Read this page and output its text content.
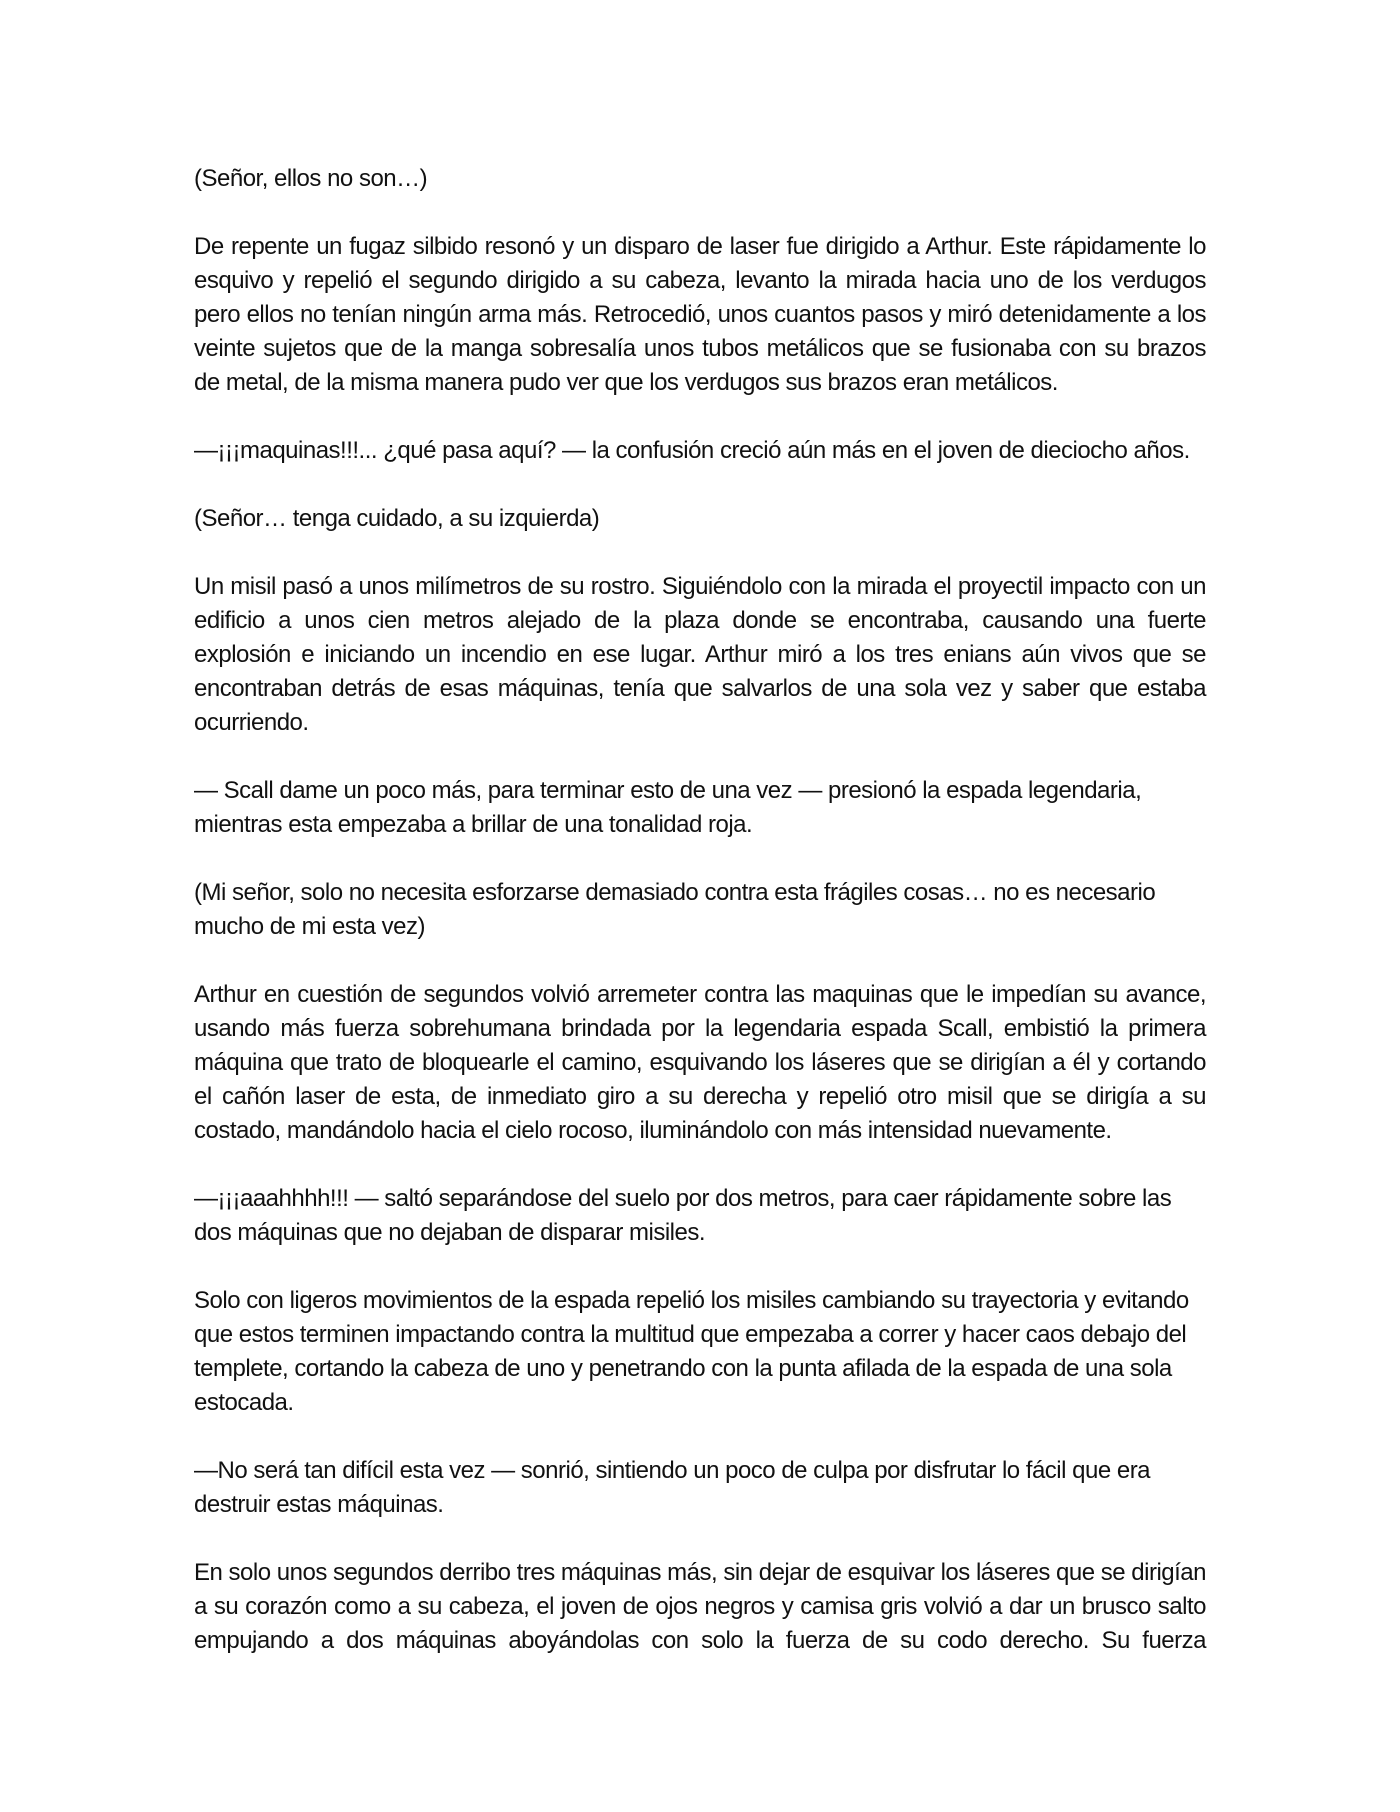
(Señor, ellos no son…)

De repente un fugaz silbido resonó y un disparo de laser fue dirigido a Arthur. Este rápidamente lo esquivo y repelió el segundo dirigido a su cabeza, levanto la mirada hacia uno de los verdugos pero ellos no tenían ningún arma más. Retrocedió, unos cuantos pasos y miró detenidamente a los veinte sujetos que de la manga sobresalía unos tubos metálicos que se fusionaba con su brazos de metal, de la misma manera pudo ver que los verdugos sus brazos eran metálicos.

—¡¡¡maquinas!!!... ¿qué pasa aquí? — la confusión creció aún más en el joven de dieciocho años.

(Señor… tenga cuidado, a su izquierda)

Un misil pasó a unos milímetros de su rostro. Siguiéndolo con la mirada el proyectil impacto con un edificio a unos cien metros alejado de la plaza donde se encontraba, causando una fuerte explosión e iniciando un incendio en ese lugar. Arthur miró a los tres enians aún vivos que se encontraban detrás de esas máquinas, tenía que salvarlos de una sola vez y saber que estaba ocurriendo.

— Scall dame un poco más, para terminar esto de una vez — presionó la espada legendaria, mientras esta empezaba a brillar de una tonalidad roja.

(Mi señor, solo no necesita esforzarse demasiado contra esta frágiles cosas… no es necesario mucho de mi esta vez)

Arthur en cuestión de segundos volvió arremeter contra las maquinas que le impedían su avance, usando más fuerza sobrehumana brindada por la legendaria espada Scall, embistió la primera máquina que trato de bloquearle el camino, esquivando los láseres que se dirigían a él y cortando el cañón laser de esta, de inmediato giro a su derecha y repelió otro misil que se dirigía a su costado, mandándolo hacia el cielo rocoso, iluminándolo con más intensidad nuevamente.

—¡¡¡aaahhhh!!! — saltó separándose del suelo por dos metros, para caer rápidamente sobre las dos máquinas que no dejaban de disparar misiles.

Solo con ligeros movimientos de la espada repelió los misiles cambiando su trayectoria y evitando que estos terminen impactando contra la multitud que empezaba a correr y hacer caos debajo del templete, cortando la cabeza de uno y penetrando con la punta afilada de la espada de una sola estocada.

—No será tan difícil esta vez — sonrió, sintiendo un poco de culpa por disfrutar lo fácil que era destruir estas máquinas.

En solo unos segundos derribo tres máquinas más, sin dejar de esquivar los láseres que se dirigían a su corazón como a su cabeza, el joven de ojos negros y camisa gris volvió a dar un brusco salto empujando a dos máquinas aboyándolas con solo la fuerza de su codo derecho. Su fuerza
